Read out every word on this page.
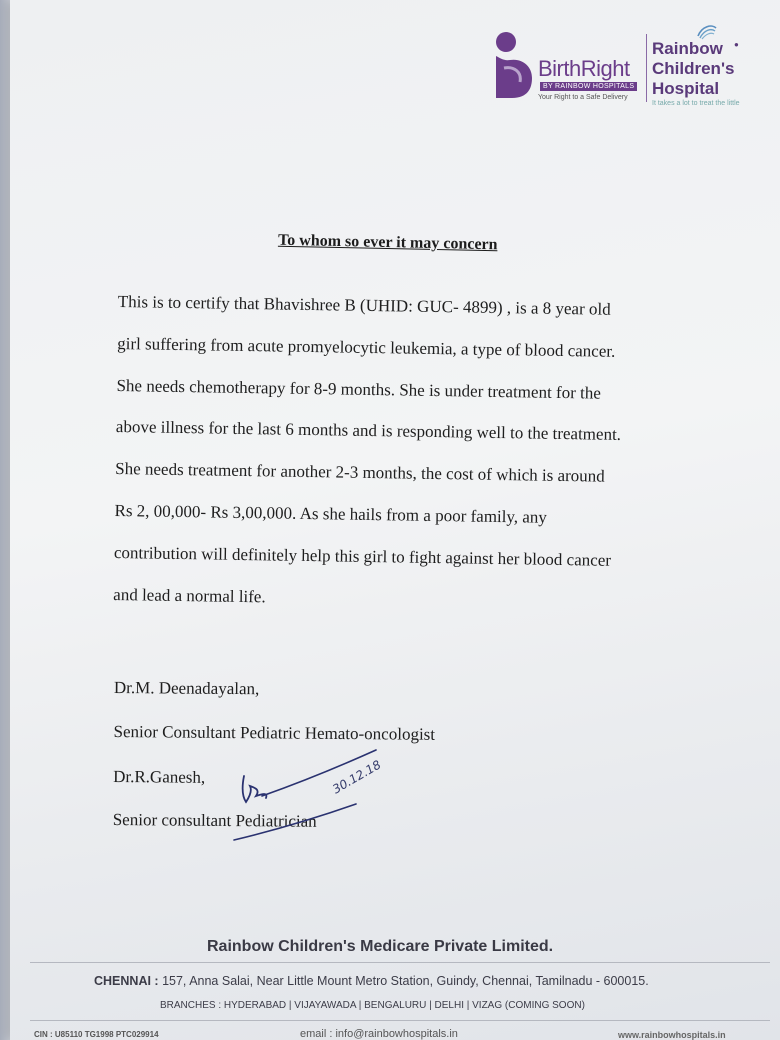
BirthRight
BY RAINBOW HOSPITALS
Your Right to a Safe Delivery
Rainbow ●
Children's
Hospital
It takes a lot to treat the little
To whom so ever it may concern
This is to certify that Bhavishree B (UHID: GUC- 4899) , is a 8 year old
girl suffering from acute promyelocytic leukemia, a type of blood cancer.
She needs chemotherapy for 8-9 months. She is under treatment for the
above illness for the last 6 months and is responding well to the treatment.
She needs treatment for another 2-3 months, the cost of which is around
Rs 2, 00,000- Rs 3,00,000. As she hails from a poor family, any
contribution will definitely help this girl to fight against her blood cancer
and lead a normal life.
Dr.M. Deenadayalan,
Senior Consultant Pediatric Hemato-oncologist
Dr.R.Ganesh,
Senior consultant Pediatrician
30.12.18
Rainbow Children's Medicare Private Limited.
CHENNAI : 157, Anna Salai, Near Little Mount Metro Station, Guindy, Chennai, Tamilnadu - 600015.
BRANCHES : HYDERABAD | VIJAYAWADA | BENGALURU | DELHI | VIZAG (COMING SOON)
CIN : U85110 TG1998 PTC029914	email : info@rainbowhospitals.in	www.rainbowhospitals.in
